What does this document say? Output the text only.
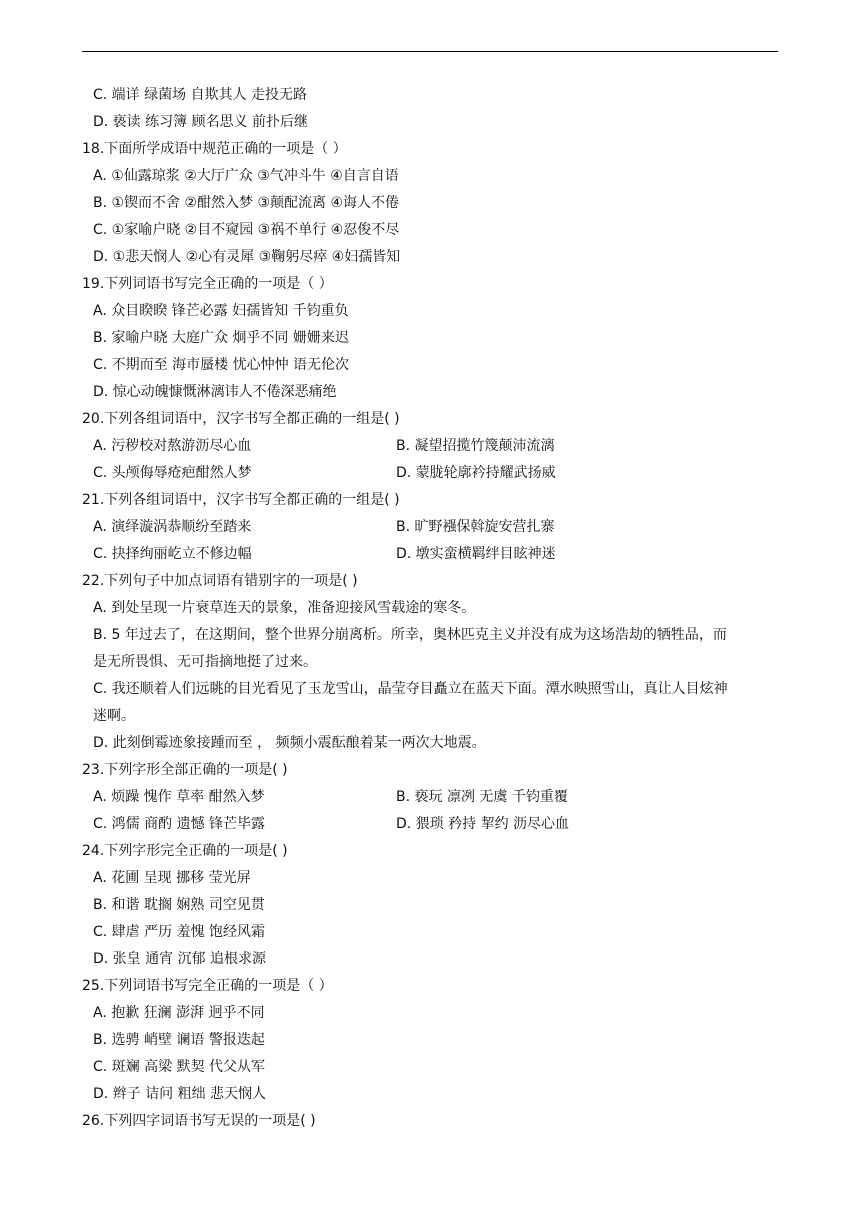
C. 端详 绿菌场 自欺其人 走投无路
D. 亵读 练习簿 顾名思义 前扑后继
18.下面所学成语中规范正确的一项是（ ）
A. ①仙露琼浆 ②大厅广众 ③气冲斗牛 ④自言自语
B. ①锲而不舍 ②酣然入梦 ③颠配流离 ④诲人不倦
C. ①家喻户晓 ②目不窥园 ③祸不单行 ④忍俊不尽
D. ①悲天悯人 ②心有灵犀 ③鞠躬尽瘁 ④妇孺皆知
19.下列词语书写完全正确的一项是（ ）
A. 众目睽睽 锋芒必露 妇孺皆知 千钧重负
B. 家喻户晓 大庭广众 炯乎不同 姗姗来迟
C. 不期而至 海市蜃楼 忧心忡忡 语无伦次
D. 惊心动魄慷慨淋漓讳人不倦深恶痛绝
20.下列各组词语中，汉字书写全都正确的一组是( )
A. 污秽校对熬游沥尽心血	B. 凝望招揽竹篾颠沛流漓
C. 头颅侮辱疮疤酣然人梦	D. 蒙胧轮廓衿持耀武扬威
21.下列各组词语中，汉字书写全都正确的一组是( )
A. 演绎漩涡恭顺纷至踏来	B. 旷野襁保斡旋安营扎寨
C. 抉择绚丽屹立不修边幅	D. 墩实蛮横羁绊目眩神迷
22.下列句子中加点词语有错别字的一项是( )
A. 到处呈现一片衰草连天的景象，准备迎接风雪载途的寒冬。
B. 5 年过去了，在这期间，整个世界分崩离析。所幸，奥林匹克主义并没有成为这场浩劫的牺牲品，而
是无所畏惧、无可指摘地挺了过来。
C. 我还顺着人们远眺的目光看见了玉龙雪山，晶莹夺目矗立在蓝天下面。潭水映照雪山，真让人目炫神
迷啊。
D. 此刻倒霉迹象接踵而至 ， 频频小震酝酿着某一两次大地震。
23.下列字形全部正确的一项是( )
A. 烦躁 愧作 草率 酣然入梦	B. 亵玩 凛冽 无虞 千钧重覆
C. 鸿儒 商酌 遗憾 锋芒毕露	D. 猥琐 矜持 挈约 沥尽心血
24.下列字形完全正确的一项是( )
A. 花圃 呈现 挪移 莹光屏
B. 和谐 耽搁 娴熟 司空见贯
C. 肆虐 严历 羞愧 饱经风霜
D. 张皇 通宵 沉郁 追根求源
25.下列词语书写完全正确的一项是（ ）
A. 抱歉 狂澜 澎湃 迥乎不同
B. 选骋 峭壁 谰语 警报迭起
C. 斑斓 高梁 默契 代父从军
D. 辫子 诘问 粗绌 悲天悯人
26.下列四字词语书写无误的一项是( )
